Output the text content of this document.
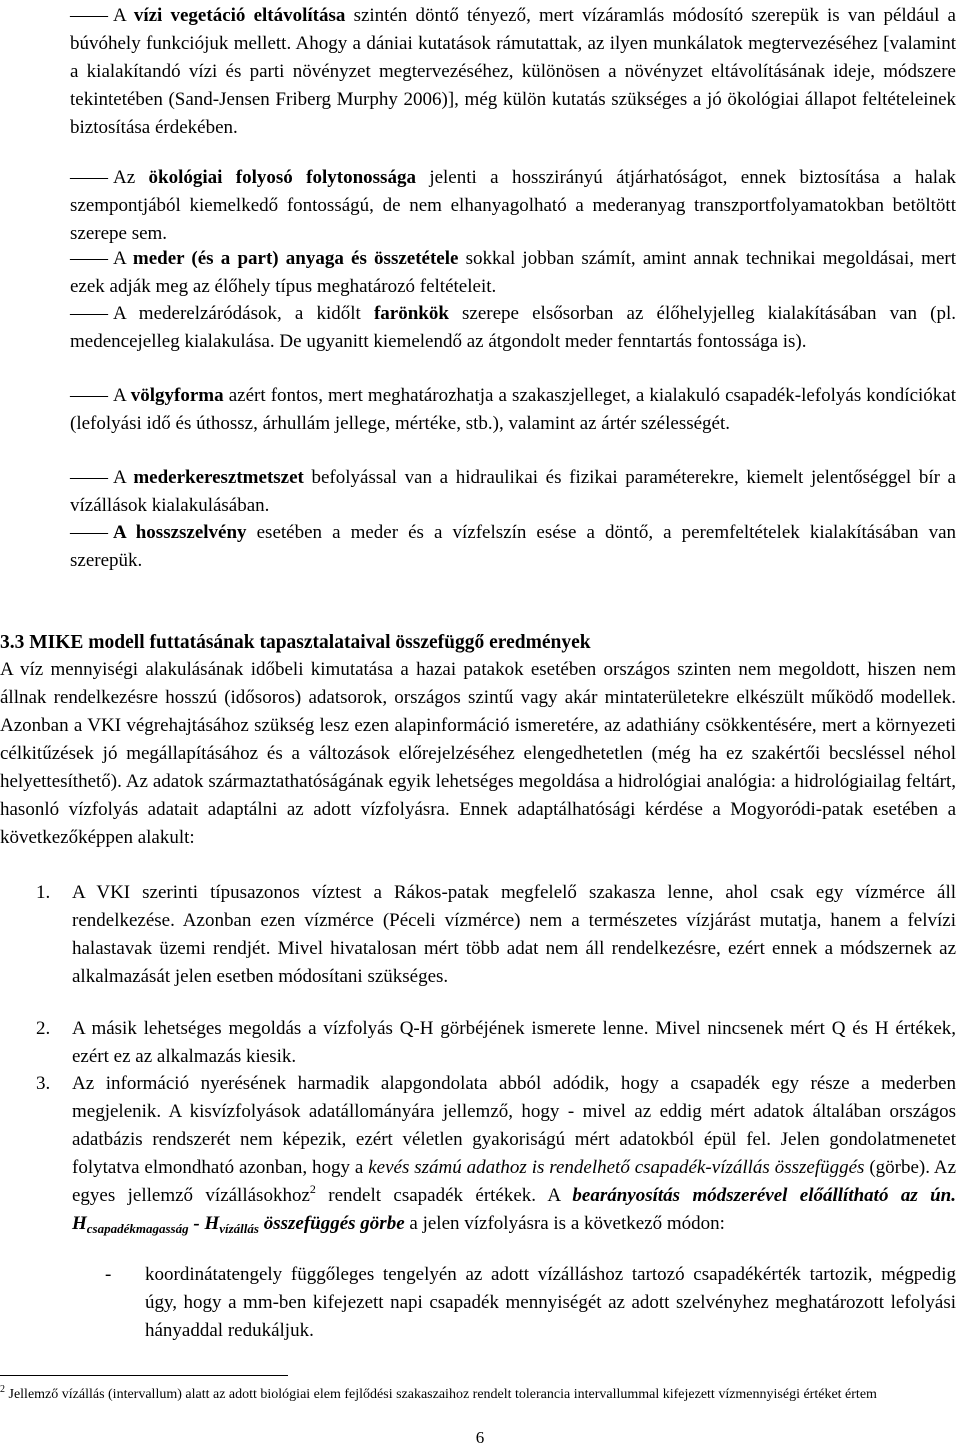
—— A vízi vegetáció eltávolítása szintén döntő tényező, mert vízáramlás módosító szerepük is van például a búvóhely funkciójuk mellett. Ahogy a dániai kutatások rámutattak, az ilyen munkálatok megtervezéséhez [valamint a kialakítandó vízi és parti növényzet megtervezéséhez, különösen a növényzet eltávolításának ideje, módszere tekintetében (Sand-Jensen Friberg Murphy 2006)], még külön kutatás szükséges a jó ökológiai állapot feltételeinek biztosítása érdekében.
—— Az ökológiai folyosó folytonossága jelenti a hosszirányú átjárhatóságot, ennek biztosítása a halak szempontjából kiemelkedő fontosságú, de nem elhanyagolható a mederanyag transzportfolyamatokban betöltött szerepe sem.
—— A meder (és a part) anyaga és összetétele sokkal jobban számít, amint annak technikai megoldásai, mert ezek adják meg az élőhely típus meghatározó feltételeit.
—— A mederelzáródások, a kidőlt farönkök szerepe elsősorban az élőhelyjelleg kialakításában van (pl. medencejelleg kialakulása. De ugyanitt kiemelendő az átgondolt meder fenntartás fontossága is).
—— A völgyforma azért fontos, mert meghatározhatja a szakaszjelleget, a kialakuló csapadék-lefolyás kondíciókat (lefolyási idő és úthossz, árhullám jellege, mértéke, stb.), valamint az ártér szélességét.
—— A mederkeresztmetszet befolyással van a hidraulikai és fizikai paraméterekre, kiemelt jelentőséggel bír a vízállások kialakulásában.
—— A hosszszelvény esetében a meder és a vízfelszín esése a döntő, a peremfeltételek kialakításában van szerepük.
3.3 MIKE modell futtatásának tapasztalataival összefüggő eredmények
A víz mennyiségi alakulásának időbeli kimutatása a hazai patakok esetében országos szinten nem megoldott, hiszen nem állnak rendelkezésre hosszú (idősoros) adatsorok, országos szintű vagy akár mintaterületekre elkészült működő modellek. Azonban a VKI végrehajtásához szükség lesz ezen alapinformáció ismeretére, az adathiány csökkentésére, mert a környezeti célkitűzések jó megállapításához és a változások előrejelzéséhez elengedhetetlen (még ha ez szakértői becsléssel néhol helyettesíthető). Az adatok származtathatóságának egyik lehetséges megoldása a hidrológiai analógia: a hidrológiailag feltárt, hasonló vízfolyás adatait adaptálni az adott vízfolyásra. Ennek adaptálhatósági kérdése a Mogyoródi-patak esetében a következőképpen alakult:
1.	A VKI szerinti típusazonos víztest a Rákos-patak megfelelő szakasza lenne, ahol csak egy vízmérce áll rendelkezése. Azonban ezen vízmérce (Péceli vízmérce) nem a természetes vízjárást mutatja, hanem a felvízi halastavak üzemi rendjét. Mivel hivatalosan mért több adat nem áll rendelkezésre, ezért ennek a módszernek az alkalmazását jelen esetben módosítani szükséges.
2.	A másik lehetséges megoldás a vízfolyás Q-H görbéjének ismerete lenne. Mivel nincsenek mért Q és H értékek, ezért ez az alkalmazás kiesik.
3.	Az információ nyerésének harmadik alapgondolata abból adódik, hogy a csapadék egy része a mederben megjelenik. A kisvízfolyások adatállományára jellemző, hogy - mivel az eddig mért adatok általában országos adatbázis rendszerét nem képezik, ezért véletlen gyakoriságú mért adatokból épül fel. Jelen gondolatmenetet folytatva elmondható azonban, hogy a kevés számú adathoz is rendelhető csapadék-vízállás összefüggés (görbe). Az egyes jellemző vízállásokhoz$^2$ rendelt csapadék értékek. A bearányosítás módszerével előállítható az ún. $H_{csapadékmagasság} - H_{vízállás}$ összefüggés görbe a jelen vízfolyásra is a következő módon:
- koordinátatengely függőleges tengelyén az adott vízálláshoz tartozó csapadékérték tartozik, mégpedig úgy, hogy a mm-ben kifejezett napi csapadék mennyiségét az adott szelvényhez meghatározott lefolyási hányaddal redukáljuk.
$^2$ Jellemző vízállás (intervallum) alatt az adott biológiai elem fejlődési szakaszaihoz rendelt tolerancia intervallummal kifejezett vízmennyiségi értéket értem
6
